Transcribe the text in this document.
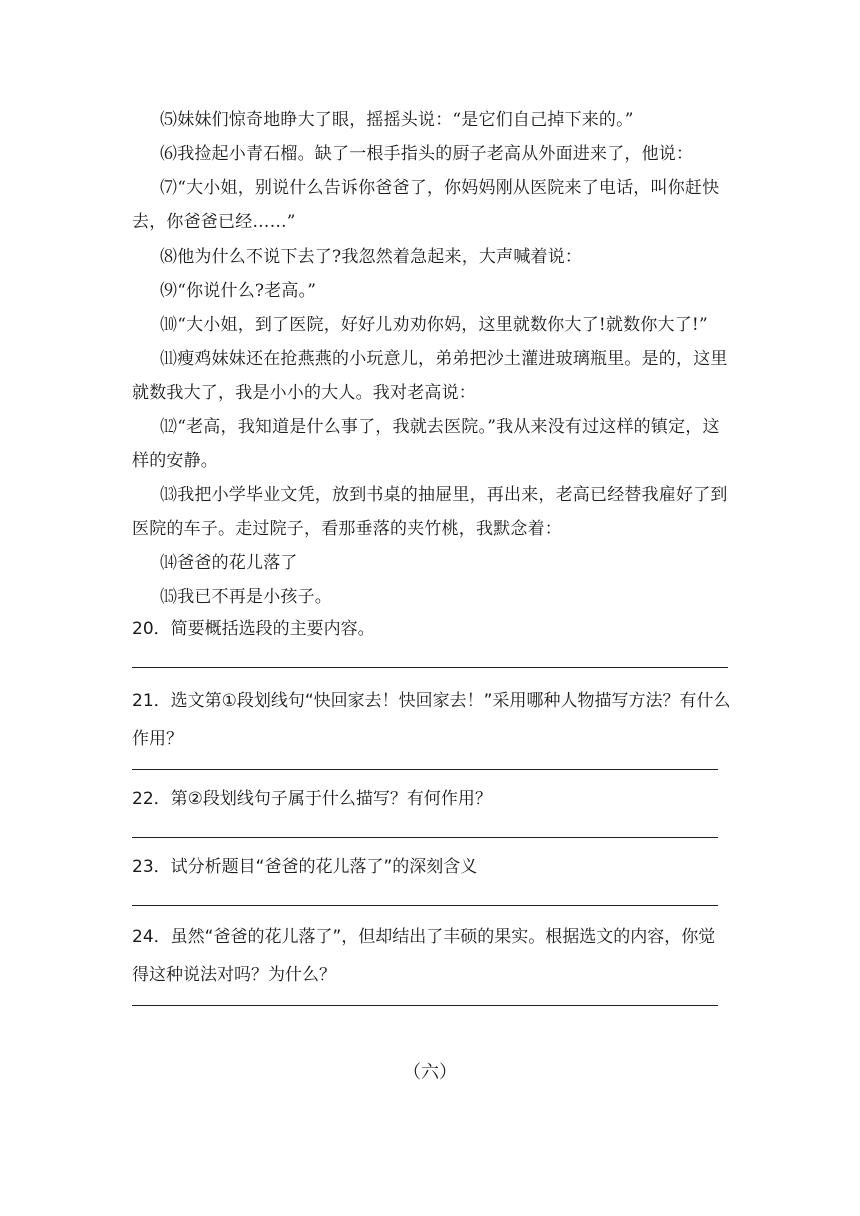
⑸妹妹们惊奇地睁大了眼，摇摇头说：“是它们自己掉下来的。”
⑹我捡起小青石榴。缺了一根手指头的厨子老高从外面进来了，他说：
⑺“大小姐，别说什么告诉你爸爸了，你妈妈刚从医院来了电话，叫你赶快去，你爸爸已经……”
⑻他为什么不说下去了?我忽然着急起来，大声喊着说：
⑼“你说什么?老高。”
⑽“大小姐，到了医院，好好儿劝劝你妈，这里就数你大了!就数你大了!”
⑾瘦鸡妹妹还在抢燕燕的小玩意儿，弟弟把沙土灌进玻璃瓶里。是的，这里就数我大了，我是小小的大人。我对老高说：
⑿“老高，我知道是什么事了，我就去医院。”我从来没有过这样的镇定，这样的安静。
⒀我把小学毕业文凭，放到书桌的抽屉里，再出来，老高已经替我雇好了到医院的车子。走过院子，看那垂落的夹竹桃，我默念着：
⒁爸爸的花儿落了
⒂我已不再是小孩子。
20．简要概括选段的主要内容。
21．选文第①段划线句“快回家去！快回家去！”采用哪种人物描写方法？有什么作用？
22．第②段划线句子属于什么描写？有何作用？
23．试分析题目“爸爸的花儿落了”的深刻含义
24．虽然“爸爸的花儿落了”，但却结出了丰硕的果实。根据选文的内容，你觉得这种说法对吗？为什么？
（六）
